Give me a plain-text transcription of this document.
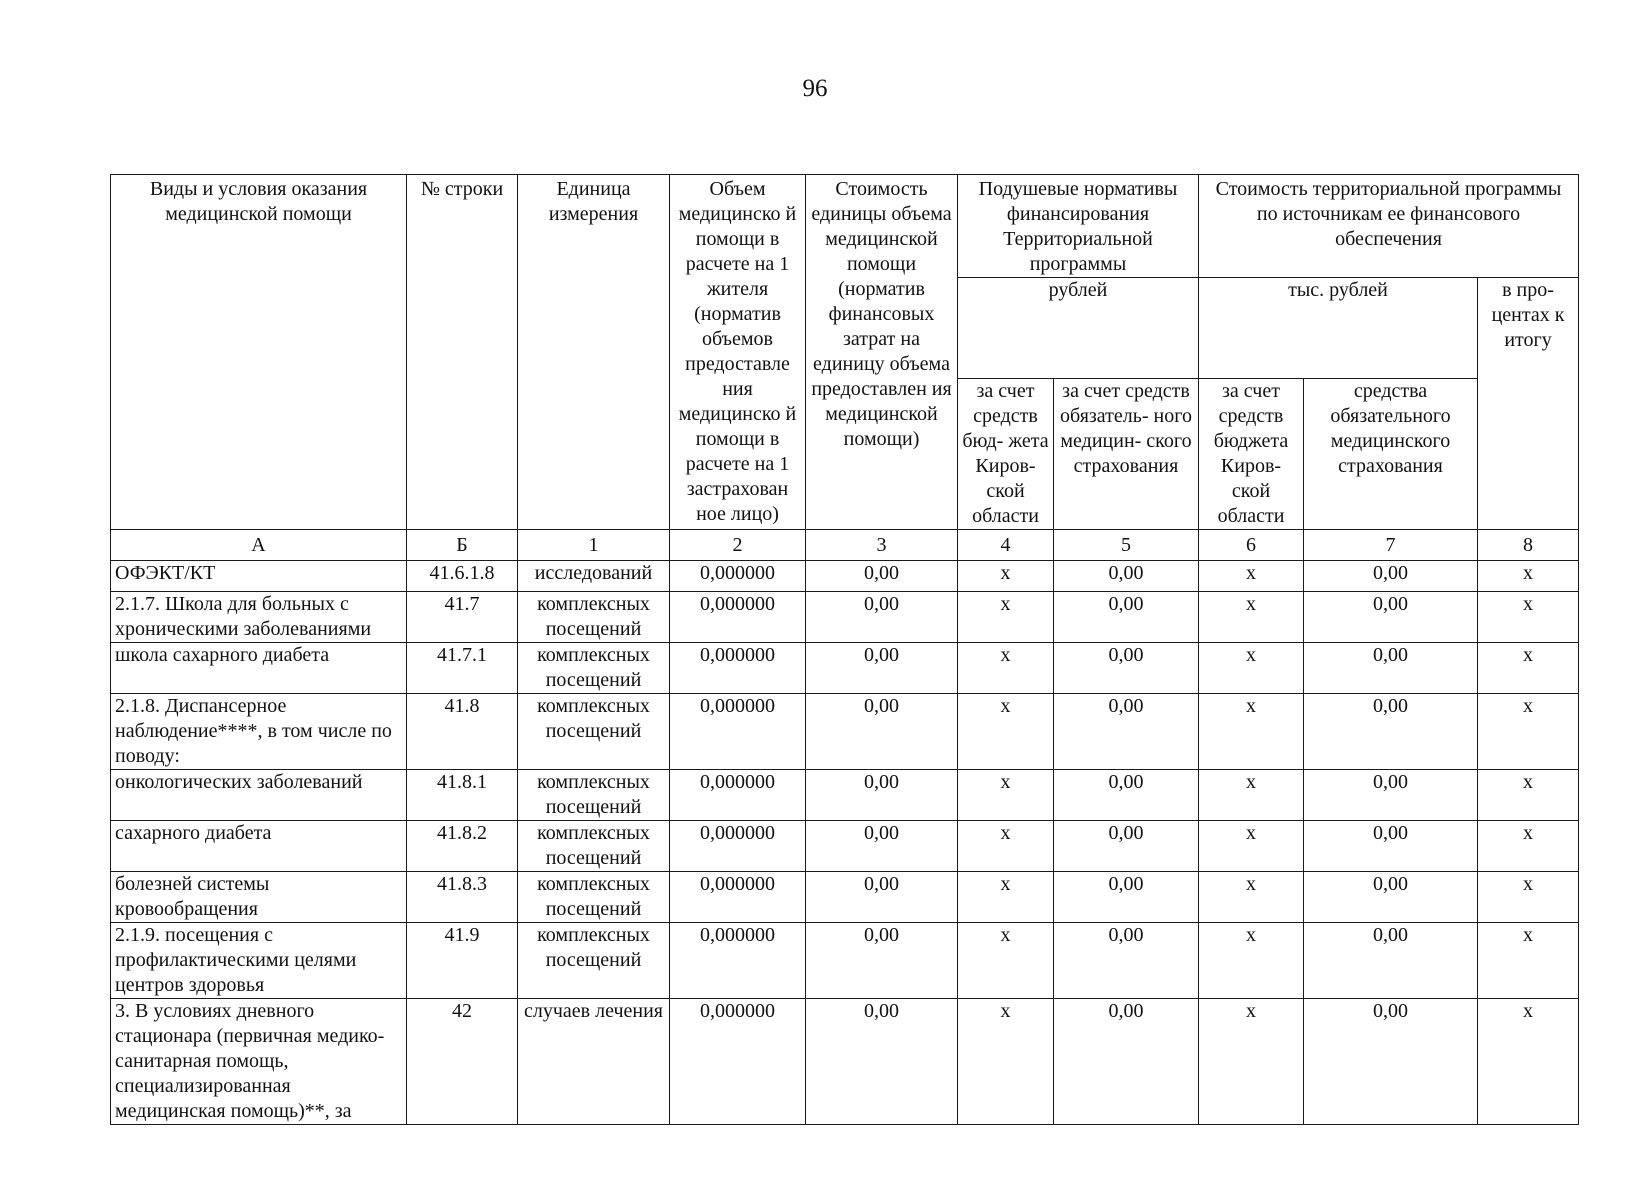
96
Виды и условия оказания медицинской помощи	№ строки	Единица измерения	Объем медицинско й помощи в расчете на 1 жителя (норматив объемов предоставле ния медицинско й помощи в расчете на 1 застрахован ное лицо)	Стоимость единицы объема медицинской помощи (норматив финансовых затрат на единицу объема предоставлен ия медицинской помощи)	Подушевые нормативы финансирования Территориальной программы		Стоимость территориальной программы по источникам ее финансового обеспечения		
					рублей		тыс. рублей		в про- центах к итогу
					за счет средств бюд- жета Киров- ской области	за счет средств обязатель- ного медицин- ского страхования	за счет средств бюджета Киров- ской области	средства обязательного медицинского страхования	
А	Б	1	2	3	4	5	6	7	8
ОФЭКТ/КТ	41.6.1.8	исследований	0,000000	0,00	х	0,00	х	0,00	х
2.1.7. Школа для больных с хроническими заболеваниями	41.7	комплексных посещений	0,000000	0,00	х	0,00	х	0,00	х
школа сахарного диабета	41.7.1	комплексных посещений	0,000000	0,00	х	0,00	х	0,00	х
2.1.8. Диспансерное наблюдение****, в том числе по поводу:	41.8	комплексных посещений	0,000000	0,00	х	0,00	х	0,00	х
онкологических заболеваний	41.8.1	комплексных посещений	0,000000	0,00	х	0,00	х	0,00	х
сахарного диабета	41.8.2	комплексных посещений	0,000000	0,00	х	0,00	х	0,00	х
болезней системы кровообращения	41.8.3	комплексных посещений	0,000000	0,00	х	0,00	х	0,00	х
2.1.9. посещения с профилактическими целями центров здоровья	41.9	комплексных посещений	0,000000	0,00	х	0,00	х	0,00	х
3. В условиях дневного стационара (первичная медико-санитарная помощь, специализированная медицинская помощь)**, за	42	случаев лечения	0,000000	0,00	х	0,00	х	0,00	х
